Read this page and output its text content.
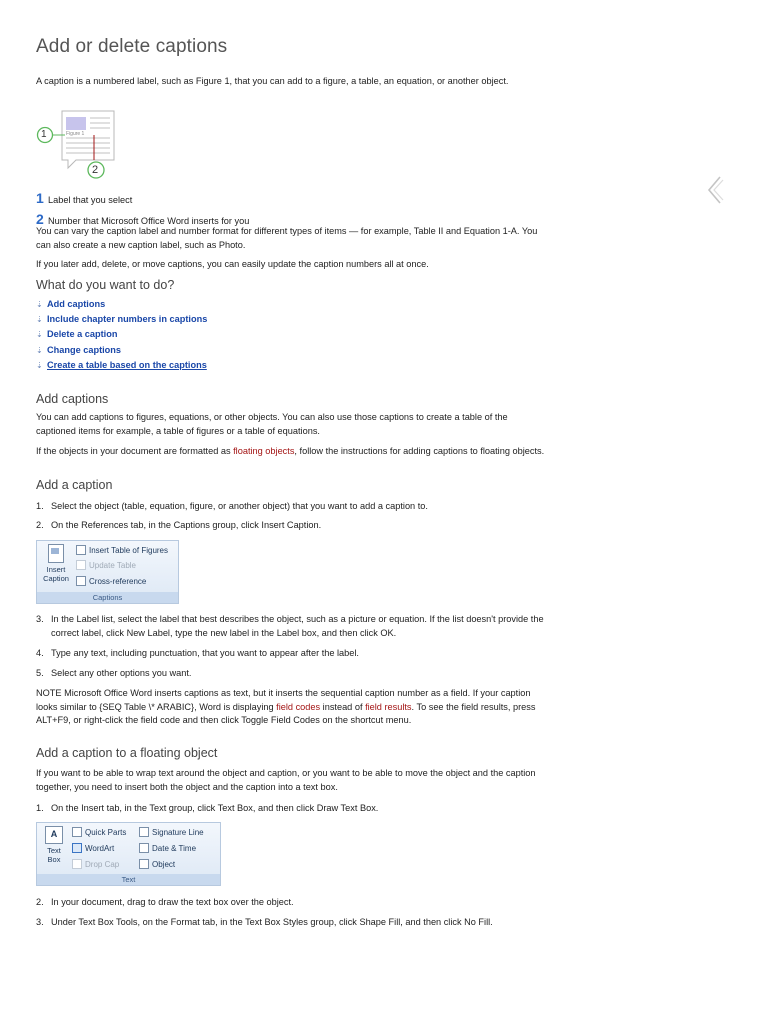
Add or delete captions

A caption is a numbered label, such as Figure 1, that you can add to a figure, a table, an equation, or another object.

Figure 1
1
2
1 Label that you select
2 Number that Microsoft Office Word inserts for you

You can vary the caption label and number format for different types of items — for example, Table II and Equation 1-A. You can also create a new caption label, such as Photo.

If you later add, delete, or move captions, you can easily update the caption numbers all at once.

What do you want to do?
⇣ Add captions
⇣ Include chapter numbers in captions
⇣ Delete a caption
⇣ Change captions
⇣ Create a table based on the captions
Add captions

You can add captions to figures, equations, or other objects. You can also use those captions to create a table of the captioned items for example, a table of figures or a table of equations.

If the objects in your document are formatted as floating objects, follow the instructions for adding captions to floating objects.

Add a caption
1. Select the object (table, equation, figure, or another object) that you want to add a caption to.
2. On the References tab, in the Captions group, click Insert Caption.
Insert Caption
Insert Table of Figures
Update Table
Cross-reference
Captions
3. In the Label list, select the label that best describes the object, such as a picture or equation. If the list doesn't provide the correct label, click New Label, type the new label in the Label box, and then click OK.
4. Type any text, including punctuation, that you want to appear after the label.
5. Select any other options you want.

NOTE Microsoft Office Word inserts captions as text, but it inserts the sequential caption number as a field. If your caption looks similar to {SEQ Table \* ARABIC}, Word is displaying field codes instead of field results. To see the field results, press ALT+F9, or right-click the field code and then click Toggle Field Codes on the shortcut menu.

Add a caption to a floating object

If you want to be able to wrap text around the object and caption, or you want to be able to move the object and the caption together, you need to insert both the object and the caption into a text box.

1. On the Insert tab, in the Text group, click Text Box, and then click Draw Text Box.
A
Text Box
Quick Parts
WordArt
Drop Cap
Signature Line
Date & Time
Object
Text
2. In your document, drag to draw the text box over the object.
3. Under Text Box Tools, on the Format tab, in the Text Box Styles group, click Shape Fill, and then click No Fill.
